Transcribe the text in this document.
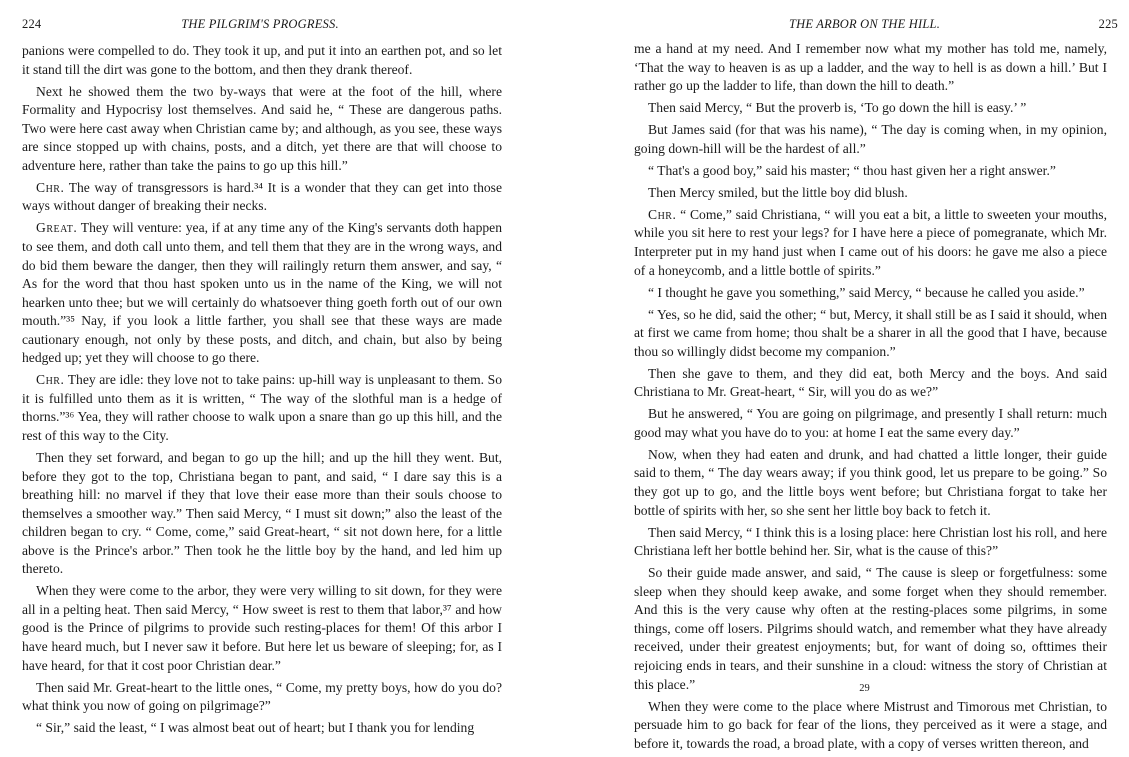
224	THE PILGRIM'S PROGRESS.

panions were compelled to do. They took it up, and put it into an earthen pot, and so let it stand till the dirt was gone to the bottom, and then they drank thereof.

Next he showed them the two by-ways that were at the foot of the hill, where Formality and Hypocrisy lost themselves. And said he, “ These are dangerous paths. Two were here cast away when Christian came by; and although, as you see, these ways are since stopped up with chains, posts, and a ditch, yet there are that will choose to adventure here, rather than take the pains to go up this hill.”

Chr. The way of transgressors is hard.³⁴ It is a wonder that they can get into those ways without danger of breaking their necks.

Great. They will venture: yea, if at any time any of the King's servants doth happen to see them, and doth call unto them, and tell them that they are in the wrong ways, and do bid them beware the danger, then they will railingly return them answer, and say, “ As for the word that thou hast spoken unto us in the name of the King, we will not hearken unto thee; but we will certainly do whatsoever thing goeth forth out of our own mouth.”³⁵ Nay, if you look a little farther, you shall see that these ways are made cautionary enough, not only by these posts, and ditch, and chain, but also by being hedged up; yet they will choose to go there.

Chr. They are idle: they love not to take pains: up-hill way is unpleasant to them. So it is fulfilled unto them as it is written, “ The way of the slothful man is a hedge of thorns.”³⁶ Yea, they will rather choose to walk upon a snare than go up this hill, and the rest of this way to the City.

Then they set forward, and began to go up the hill; and up the hill they went. But, before they got to the top, Christiana began to pant, and said, “ I dare say this is a breathing hill: no marvel if they that love their ease more than their souls choose to themselves a smoother way.” Then said Mercy, “ I must sit down;” also the least of the children began to cry. “ Come, come,” said Great-heart, “ sit not down here, for a little above is the Prince's arbor.” Then took he the little boy by the hand, and led him up thereto.

When they were come to the arbor, they were very willing to sit down, for they were all in a pelting heat. Then said Mercy, “ How sweet is rest to them that labor,³⁷ and how good is the Prince of pilgrims to provide such resting-places for them! Of this arbor I have heard much, but I never saw it before. But here let us beware of sleeping; for, as I have heard, for that it cost poor Christian dear.”

Then said Mr. Great-heart to the little ones, “ Come, my pretty boys, how do you do? what think you now of going on pilgrimage?”

“ Sir,” said the least, “ I was almost beat out of heart; but I thank you for lending

THE ARBOR ON THE HILL.	225

me a hand at my need. And I remember now what my mother has told me, namely, ‘That the way to heaven is as up a ladder, and the way to hell is as down a hill.’ But I rather go up the ladder to life, than down the hill to death.”

Then said Mercy, “ But the proverb is, ‘To go down the hill is easy.’ ”

But James said (for that was his name), “ The day is coming when, in my opinion, going down-hill will be the hardest of all.”

“ That's a good boy,” said his master; “ thou hast given her a right answer.”

Then Mercy smiled, but the little boy did blush.

Chr. “ Come,” said Christiana, “ will you eat a bit, a little to sweeten your mouths, while you sit here to rest your legs? for I have here a piece of pomegranate, which Mr. Interpreter put in my hand just when I came out of his doors: he gave me also a piece of a honeycomb, and a little bottle of spirits.”

“ I thought he gave you something,” said Mercy, “ because he called you aside.”

“ Yes, so he did, said the other; “ but, Mercy, it shall still be as I said it should, when at first we came from home; thou shalt be a sharer in all the good that I have, because thou so willingly didst become my companion.”

Then she gave to them, and they did eat, both Mercy and the boys. And said Christiana to Mr. Great-heart, “ Sir, will you do as we?”

But he answered, “ You are going on pilgrimage, and presently I shall return: much good may what you have do to you: at home I eat the same every day.”

Now, when they had eaten and drunk, and had chatted a little longer, their guide said to them, “ The day wears away; if you think good, let us prepare to be going.” So they got up to go, and the little boys went before; but Christiana forgat to take her bottle of spirits with her, so she sent her little boy back to fetch it.

Then said Mercy, “ I think this is a losing place: here Christian lost his roll, and here Christiana left her bottle behind her. Sir, what is the cause of this?”

So their guide made answer, and said, “ The cause is sleep or forgetfulness: some sleep when they should keep awake, and some forget when they should remember. And this is the very cause why often at the resting-places some pilgrims, in some things, come off losers. Pilgrims should watch, and remember what they have already received, under their greatest enjoyments; but, for want of doing so, ofttimes their rejoicing ends in tears, and their sunshine in a cloud: witness the story of Christian at this place.”

When they were come to the place where Mistrust and Timorous met Christian, to persuade him to go back for fear of the lions, they perceived as it were a stage, and before it, towards the road, a broad plate, with a copy of verses written thereon, and

29
